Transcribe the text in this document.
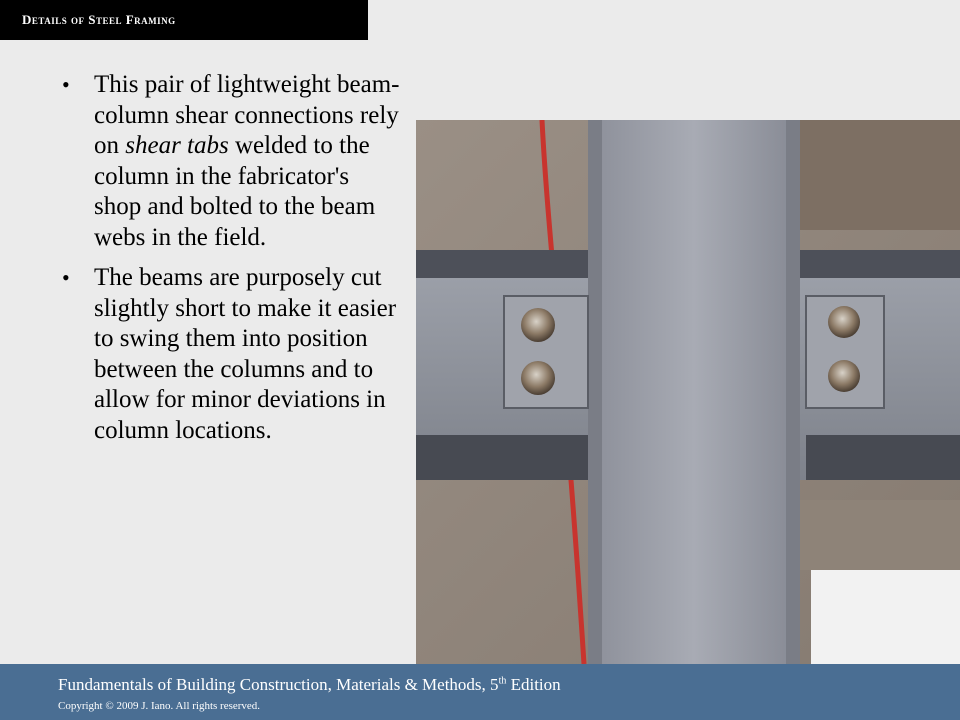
Details of Steel Framing
• This pair of lightweight beam-column shear connections rely on shear tabs welded to the column in the fabricator's shop and bolted to the beam webs in the field.
• The beams are purposely cut slightly short to make it easier to swing them into position between the columns and to allow for minor deviations in column locations.
Fundamentals of Building Construction, Materials & Methods, 5th Edition
Copyright © 2009 J. Iano. All rights reserved.
